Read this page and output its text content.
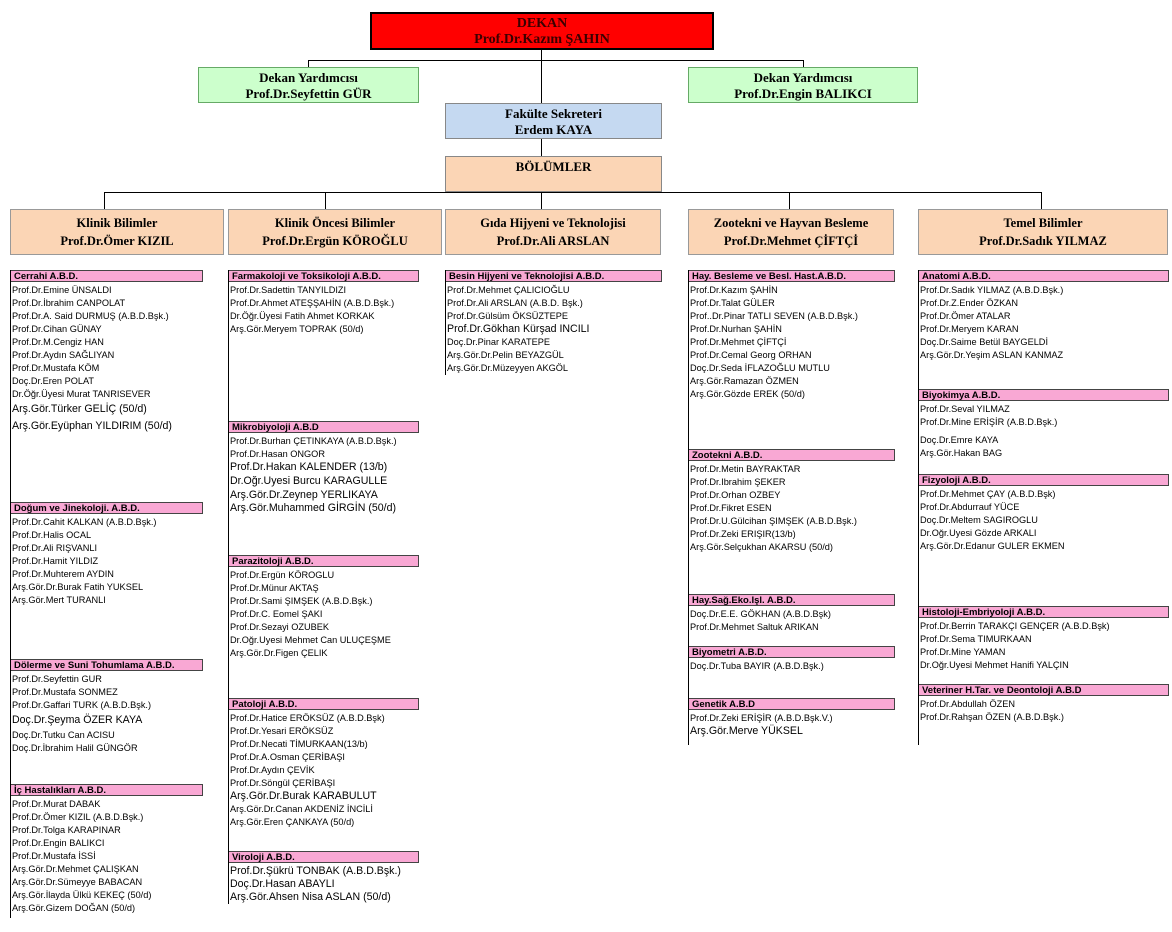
DEKAN
Prof.Dr.Kazım ŞAHIN
Dekan Yardımcısı
Prof.Dr.Seyfettin GÜR
Dekan Yardımcısı
Prof.Dr.Engin BALIKCI
Fakülte Sekreteri
Erdem KAYA
BÖLÜMLER
Klinik Bilimler
Prof.Dr.Ömer KIZIL
Klinik Öncesi Bilimler
Prof.Dr.Ergün KÖROĞLU
Gıda Hijyeni ve Teknolojisi
Prof.Dr.Ali ARSLAN
Zootekni ve Hayvan Besleme
Prof.Dr.Mehmet ÇİFTÇİ
Temel Bilimler
Prof.Dr.Sadık YILMAZ
Cerrahi A.B.D.
Prof.Dr.Emine ÜNSALDI
Prof.Dr.İbrahim CANPOLAT
Prof.Dr.A. Said DURMUŞ (A.B.D.Bşk.)
Prof.Dr.Cihan GÜNAY
Prof.Dr.M.Cengiz HAN
Prof.Dr.Aydın SAĞLIYAN
Prof.Dr.Mustafa KÖM
Doç.Dr.Eren POLAT
Dr.Öğr.Üyesi Murat TANRISEVER
Arş.Gör.Türker GELİÇ (50/d)
Arş.Gör.Eyüphan YILDIRIM (50/d)
Doğum ve Jinekoloji. A.B.D.
Prof.Dr.Cahit KALKAN (A.B.D.Bşk.)
Prof.Dr.Halis OCAL
Prof.Dr.Ali RIŞVANLI
Prof.Dr.Hamit YILDIZ
Prof.Dr.Muhterem AYDIN
Arş.Gör.Dr.Burak Fatih YUKSEL
Arş.Gör.Mert TURANLI
Dölerme ve Suni Tohumlama A.B.D.
Prof.Dr.Seyfettin GUR
Prof.Dr.Mustafa SONMEZ
Prof.Dr.Gaffari TURK (A.B.D.Bşk.)
Doç.Dr.Şeyma ÖZER KAYA
Doç.Dr.Tutku Can ACISU
Doç.Dr.İbrahim Halil GÜNGÖR
İç Hastalıkları A.B.D.
Prof.Dr.Murat DABAK
Prof.Dr.Ömer KIZIL (A.B.D.Bşk.)
Prof.Dr.Tolga KARAPINAR
Prof.Dr.Engin BALIKCI
Prof.Dr.Mustafa İSSİ
Arş.Gör.Dr.Mehmet ÇALIŞKAN
Arş.Gör.Dr.Sümeyye BABACAN
Arş.Gör.İlayda Ülkü KEKEÇ (50/d)
Arş.Gör.Gizem DOĞAN (50/d)
Farmakoloji ve Toksikoloji A.B.D.
Prof.Dr.Sadettin TANYILDIZI
Prof.Dr.Ahmet ATEŞŞAHİN (A.B.D.Bşk.)
Dr.Öğr.Üyesi Fatih Ahmet KORKAK
Arş.Gör.Meryem TOPRAK (50/d)
Mikrobiyoloji A.B.D
Prof.Dr.Burhan ÇETINKAYA (A.B.D.Bşk.)
Prof.Dr.Hasan ONGOR
Prof.Dr.Hakan KALENDER (13/b)
Dr.Oğr.Uyesi Burcu KARAGULLE
Arş.Gör.Dr.Zeynep YERLIKAYA
Arş.Gör.Muhammed GİRGİN (50/d)
Parazitoloji A.B.D.
Prof.Dr.Ergün KÖROGLU
Prof.Dr.Münur AKTAŞ
Prof.Dr.Sami ŞIMŞEK (A.B.D.Bşk.)
Prof.Dr.C. Eomel ŞAKI
Prof.Dr.Sezayi OZUBEK
Dr.Oğr.Uyesi Mehmet Can ULUÇEŞME
Arş.Gör.Dr.Figen ÇELIK
Patoloji A.B.D.
Prof.Dr.Hatice ERÖKSÜZ (A.B.D.Bşk)
Prof.Dr.Yesari ERÖKSÜZ
Prof.Dr.Necati TİMURKAAN(13/b)
Prof.Dr.A.Osman ÇERİBAŞI
Prof.Dr.Aydın ÇEVİK
Prof.Dr.Söngül ÇERİBAŞI
Arş.Gör.Dr.Burak KARABULUT
Arş.Gör.Dr.Canan AKDENİZ İNCİLİ
Arş.Gör.Eren ÇANKAYA (50/d)
Viroloji A.B.D.
Prof.Dr.Şükrü TONBAK (A.B.D.Bşk.)
Doç.Dr.Hasan ABAYLI
Arş.Gör.Ahsen Nisa ASLAN (50/d)
Besin Hijyeni ve Teknolojisi A.B.D.
Prof.Dr.Mehmet ÇALICIOĞLU
Prof.Dr.Ali ARSLAN (A.B.D. Bşk.)
Prof.Dr.Gülsüm ÖKSÜZTEPE
Prof.Dr.Gökhan Kürşad INCILI
Doç.Dr.Pinar KARATEPE
Arş.Gör.Dr.Pelin BEYAZGÜL
Arş.Gör.Dr.Müzeyyen AKGÖL
Hay. Besleme ve Besl. Hast.A.B.D.
Prof.Dr.Kazım ŞAHİN
Prof.Dr.Talat GÜLER
Prof..Dr.Pinar TATLI SEVEN (A.B.D.Bşk.)
Prof.Dr.Nurhan ŞAHİN
Prof.Dr.Mehmet ÇİFTÇİ
Prof.Dr.Cemal Georg ORHAN
Doç.Dr.Seda İFLAZOĞLU MUTLU
Arş.Gör.Ramazan ÖZMEN
Arş.Gör.Gözde EREK (50/d)
Zootekni A.B.D.
Prof.Dr.Metin BAYRAKTAR
Prof.Dr.Ibrahim ŞEKER
Prof.Dr.Orhan OZBEY
Prof.Dr.Fikret ESEN
Prof.Dr.U.Gülcihan ŞIMŞEK (A.B.D.Bşk.)
Prof.Dr.Zeki ERIŞIR(13/b)
Arş.Gör.Selçukhan AKARSU (50/d)
Hay.Sağ.Eko.Işl. A.B.D.
Doç.Dr.E.E. GÖKHAN (A.B.D.Bşk)
Prof.Dr.Mehmet Saltuk ARIKAN
Biyometri A.B.D.
Doç.Dr.Tuba BAYIR (A.B.D.Bşk.)
Genetik A.B.D
Prof.Dr.Zeki ERİŞİR (A.B.D.Bşk.V.)
Arş.Gör.Merve YÜKSEL
Anatomi A.B.D.
Prof.Dr.Sadık YILMAZ (A.B.D.Bşk.)
Prof.Dr.Z.Ender ÖZKAN
Prof.Dr.Ömer ATALAR
Prof.Dr.Meryem KARAN
Doç.Dr.Saime Betül BAYGELDİ
Arş.Gör.Dr.Yeşim ASLAN KANMAZ
Biyokimya A.B.D.
Prof.Dr.Seval YILMAZ
Prof.Dr.Mine ERİŞİR (A.B.D.Bşk.)
Doç.Dr.Emre KAYA
Arş.Gör.Hakan BAG
Fizyoloji A.B.D.
Prof.Dr.Mehmet ÇAY (A.B.D.Bşk)
Prof.Dr.Abdurrauf YÜCE
Doç.Dr.Meltem SAGIROGLU
Dr.Oğr.Uyesi Gözde ARKALI
Arş.Gör.Dr.Edanur GULER EKMEN
Histoloji-Embriyoloji A.B.D.
Prof.Dr.Berrin TARAKÇI GENÇER (A.B.D.Bşk)
Prof.Dr.Sema TIMURKAAN
Prof.Dr.Mine YAMAN
Dr.Oğr.Uyesi Mehmet Hanifi YALÇIN
Veteriner H.Tar. ve Deontoloji A.B.D
Prof.Dr.Abdullah ÖZEN
Prof.Dr.Rahşan ÖZEN (A.B.D.Bşk.)
